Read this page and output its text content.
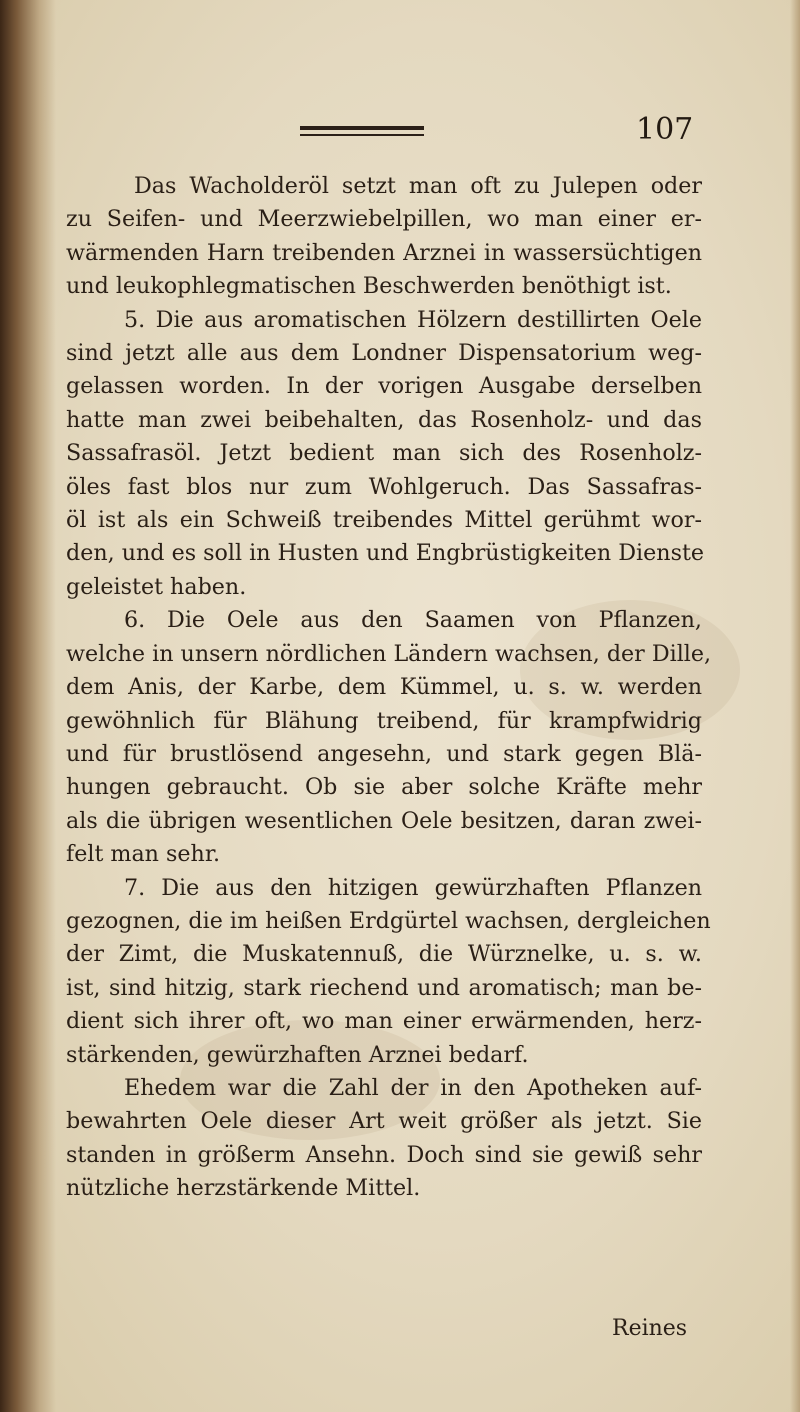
107
Das Wacholderöl setzt man oft zu Julepen oder
zu Seifen- und Meerzwiebelpillen, wo man einer er-
wärmenden Harn treibenden Arznei in wassersüchtigen
und leukophlegmatischen Beschwerden benöthigt ist.
5. Die aus aromatischen Hölzern destillirten Oele
sind jetzt alle aus dem Londner Dispensatorium weg-
gelassen worden. In der vorigen Ausgabe derselben
hatte man zwei beibehalten, das Rosenholz- und das
Sassafrasöl. Jetzt bedient man sich des Rosenholz-
öles fast blos nur zum Wohlgeruch. Das Sassafras-
öl ist als ein Schweiß treibendes Mittel gerühmt wor-
den, und es soll in Husten und Engbrüstigkeiten Dienste
geleistet haben.
6. Die Oele aus den Saamen von Pflanzen,
welche in unsern nördlichen Ländern wachsen, der Dille,
dem Anis, der Karbe, dem Kümmel, u. s. w. werden
gewöhnlich für Blähung treibend, für krampfwidrig
und für brustlösend angesehn, und stark gegen Blä-
hungen gebraucht. Ob sie aber solche Kräfte mehr
als die übrigen wesentlichen Oele besitzen, daran zwei-
felt man sehr.
7. Die aus den hitzigen gewürzhaften Pflanzen
gezognen, die im heißen Erdgürtel wachsen, dergleichen
der Zimt, die Muskatennuß, die Würznelke, u. s. w.
ist, sind hitzig, stark riechend und aromatisch; man be-
dient sich ihrer oft, wo man einer erwärmenden, herz-
stärkenden, gewürzhaften Arznei bedarf.
Ehedem war die Zahl der in den Apotheken auf-
bewahrten Oele dieser Art weit größer als jetzt. Sie
standen in größerm Ansehn. Doch sind sie gewiß sehr
nützliche herzstärkende Mittel.
Reines
